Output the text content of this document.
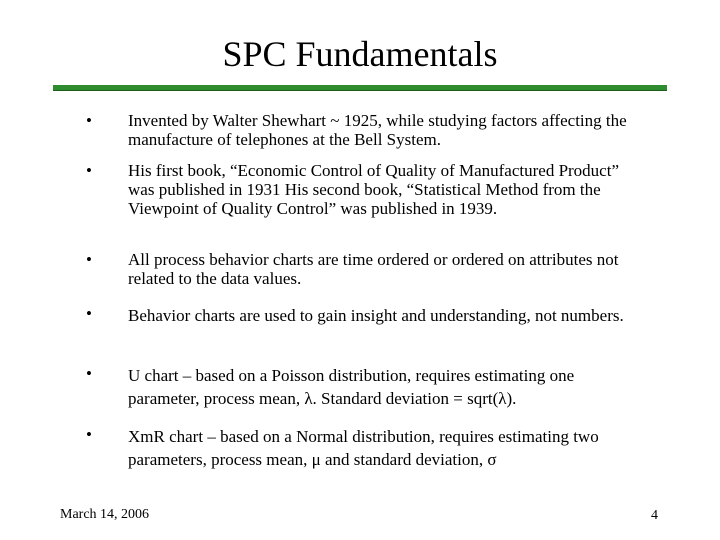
SPC Fundamentals
• Invented by Walter Shewhart ~ 1925, while studying factors affecting the manufacture of telephones at the Bell System.
• His first book, “Economic Control of Quality of Manufactured Product” was published in 1931 His second book, “Statistical Method from the Viewpoint of Quality Control” was published in 1939.
• All process behavior charts are time ordered or ordered on attributes not related to the data values.
• Behavior charts are used to gain insight and understanding, not numbers.
• U chart – based on a Poisson distribution, requires estimating one parameter, process mean, λ. Standard deviation = sqrt(λ).
• XmR chart – based on a Normal distribution, requires estimating two parameters, process mean, μ and standard deviation, σ
March 14, 2006	4
